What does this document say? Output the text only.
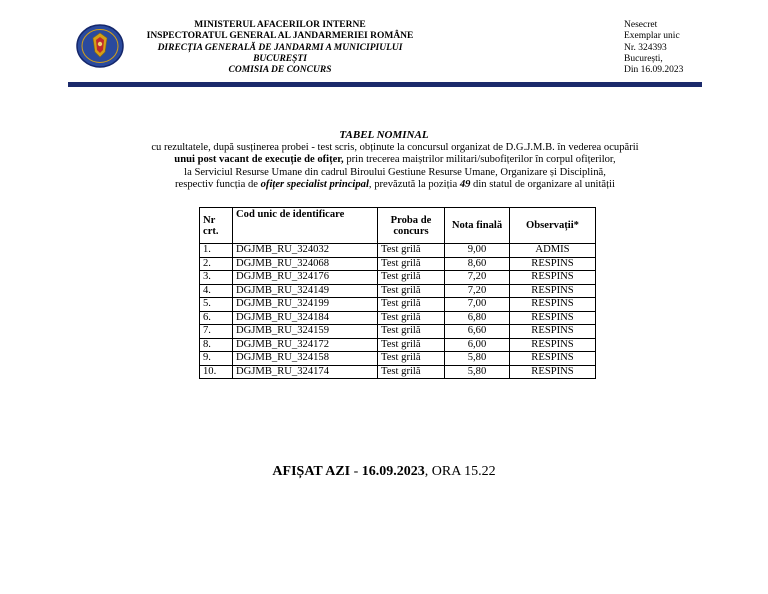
MINISTERUL AFACERILOR INTERNE
INSPECTORATUL GENERAL AL JANDARMERIEI ROMÂNE
DIRECȚIA GENERALĂ DE JANDARMI A MUNICIPIULUI
BUCUREȘTI
COMISIA DE CONCURS
Nesecret
Exemplar unic
Nr. 324393
București,
Din 16.09.2023
TABEL NOMINAL
cu rezultatele, după susținerea probei - test scris, obținute la concursul organizat de D.G.J.M.B. în vederea ocupării
unui post vacant de execuție de ofițer, prin trecerea maiștrilor militari/subofițerilor în corpul ofițerilor,
la Serviciul Resurse Umane din cadrul Biroului Gestiune Resurse Umane, Organizare și Disciplină,
respectiv funcția de ofițer specialist principal, prevăzută la poziția 49 din statul de organizare al unității
Nr crt.	Cod unic de identificare	Proba de concurs	Nota finală	Observații*
1.	DGJMB_RU_324032	Test grilă	9,00	ADMIS
2.	DGJMB_RU_324068	Test grilă	8,60	RESPINS
3.	DGJMB_RU_324176	Test grilă	7,20	RESPINS
4.	DGJMB_RU_324149	Test grilă	7,20	RESPINS
5.	DGJMB_RU_324199	Test grilă	7,00	RESPINS
6.	DGJMB_RU_324184	Test grilă	6,80	RESPINS
7.	DGJMB_RU_324159	Test grilă	6,60	RESPINS
8.	DGJMB_RU_324172	Test grilă	6,00	RESPINS
9.	DGJMB_RU_324158	Test grilă	5,80	RESPINS
10.	DGJMB_RU_324174	Test grilă	5,80	RESPINS
AFIȘAT AZI - 16.09.2023, ORA 15.22
